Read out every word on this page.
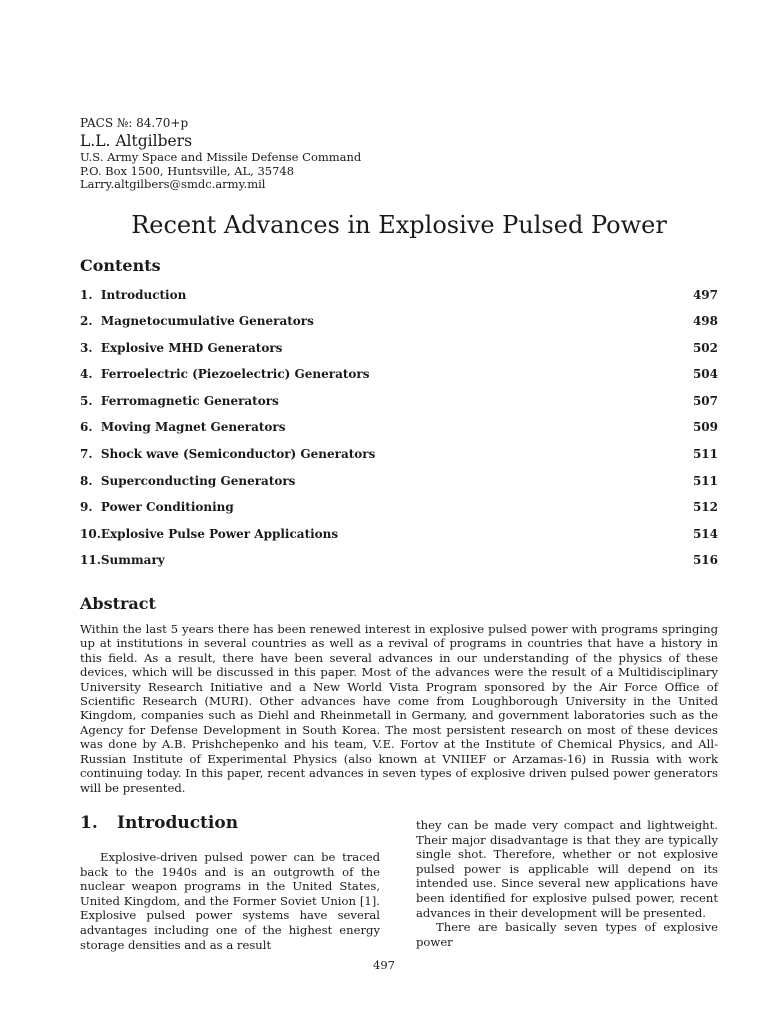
PACS №: 84.70+p

L.L. Altgilbers

U.S. Army Space and Missile Defense Command

P.O. Box 1500, Huntsville, AL, 35748

Larry.altgilbers@smdc.army.mil

Recent Advances in Explosive Pulsed Power
Contents
1.  Introduction	497
2.  Magnetocumulative Generators	498
3.  Explosive MHD Generators	502
4.  Ferroelectric (Piezoelectric) Generators	504
5.  Ferromagnetic Generators	507
6.  Moving Magnet Generators	509
7.  Shock wave (Semiconductor) Generators	511
8.  Superconducting Generators	511
9.  Power Conditioning	512
10.Explosive Pulse Power Applications	514
11.Summary	516
Abstract

Within the last 5 years there has been renewed interest in explosive pulsed power with programs springing up at institutions in several countries as well as a revival of programs in countries that have a history in this field. As a result, there have been several advances in our understanding of the physics of these devices, which will be discussed in this paper. Most of the advances were the result of a Multidisciplinary University Research Initiative and a New World Vista Program sponsored by the Air Force Office of Scientific Research (MURI). Other advances have come from Loughborough University in the United Kingdom, companies such as Diehl and Rheinmetall in Germany, and government laboratories such as the Agency for Defense Development in South Korea. The most persistent research on most of these devices was done by A.B. Prishchepenko and his team, V.E. Fortov at the Institute of Chemical Physics, and All-Russian Institute of Experimental Physics (also known at VNIIEF or Arzamas-16) in Russia with work continuing today. In this paper, recent advances in seven types of explosive driven pulsed power generators will be presented.

1.	Introduction

Explosive-driven pulsed power can be traced back to the 1940s and is an outgrowth of the nuclear weapon programs in the United States, United Kingdom, and the Former Soviet Union [1]. Explosive pulsed power systems have several advantages including one of the highest energy storage densities and as a result

they can be made very compact and lightweight. Their major disadvantage is that they are typically single shot. Therefore, whether or not explosive pulsed power is applicable will depend on its intended use. Since several new applications have been identified for explosive pulsed power, recent advances in their development will be presented.

There are basically seven types of explosive power

497
